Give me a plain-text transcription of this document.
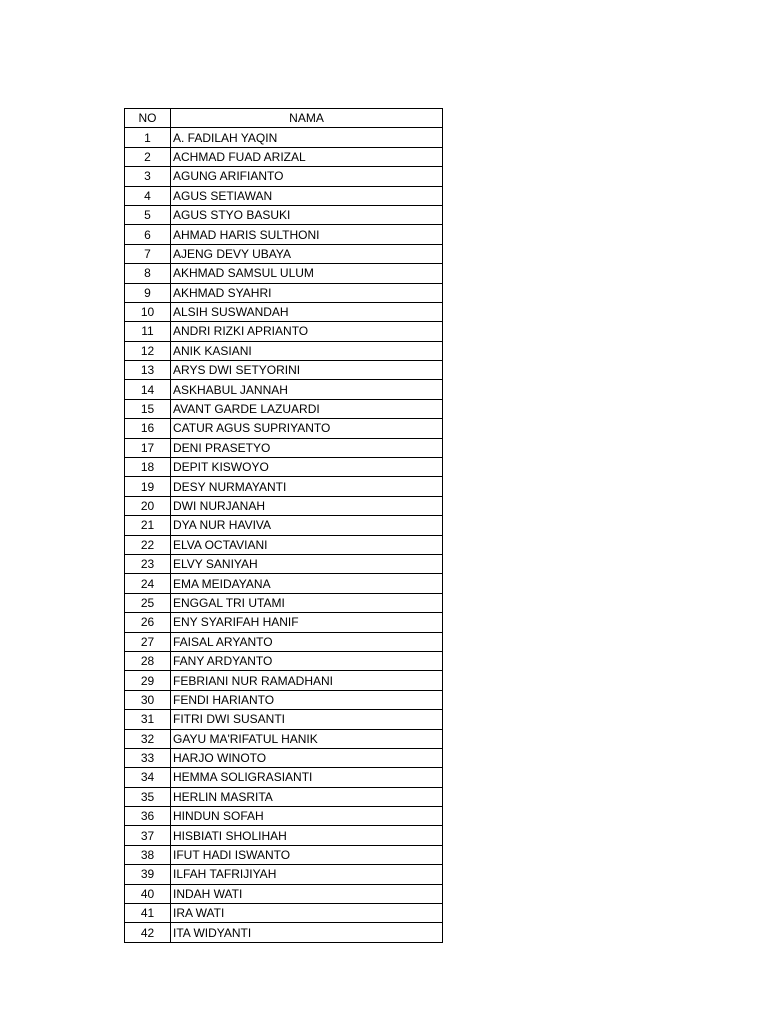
NO	NAMA
1	A. FADILAH YAQIN
2	ACHMAD FUAD ARIZAL
3	AGUNG ARIFIANTO
4	AGUS SETIAWAN
5	AGUS STYO BASUKI
6	AHMAD HARIS SULTHONI
7	AJENG DEVY UBAYA
8	AKHMAD SAMSUL ULUM
9	AKHMAD SYAHRI
10	ALSIH SUSWANDAH
11	ANDRI RIZKI APRIANTO
12	ANIK KASIANI
13	ARYS DWI SETYORINI
14	ASKHABUL JANNAH
15	AVANT GARDE LAZUARDI
16	CATUR AGUS SUPRIYANTO
17	DENI PRASETYO
18	DEPIT KISWOYO
19	DESY NURMAYANTI
20	DWI NURJANAH
21	DYA NUR HAVIVA
22	ELVA OCTAVIANI
23	ELVY SANIYAH
24	EMA MEIDAYANA
25	ENGGAL TRI UTAMI
26	ENY SYARIFAH HANIF
27	FAISAL ARYANTO
28	FANY ARDYANTO
29	FEBRIANI NUR RAMADHANI
30	FENDI HARIANTO
31	FITRI DWI SUSANTI
32	GAYU MA'RIFATUL HANIK
33	HARJO WINOTO
34	HEMMA SOLIGRASIANTI
35	HERLIN MASRITA
36	HINDUN SOFAH
37	HISBIATI SHOLIHAH
38	IFUT HADI ISWANTO
39	ILFAH TAFRIJIYAH
40	INDAH WATI
41	IRA WATI
42	ITA WIDYANTI
